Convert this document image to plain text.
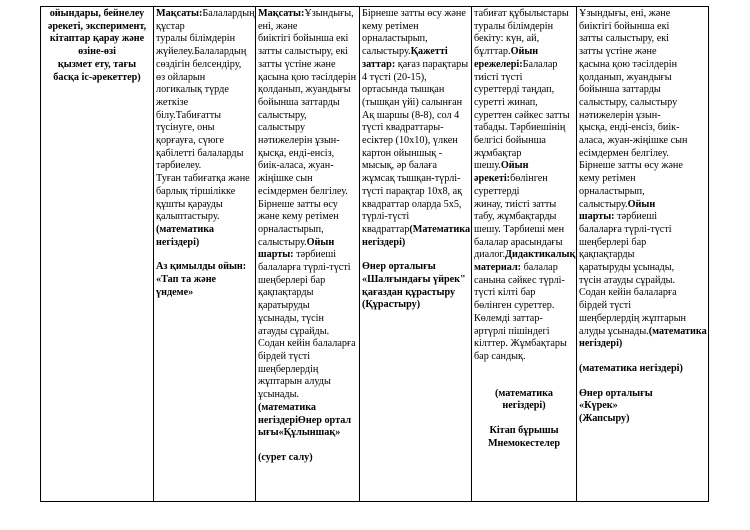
ойындары, бейнелеу
әрекеті, эксперимент,
кітаптар қарау және
өзіне-өзі
қызмет ету, тағы
басқа іс-әрекеттер)
Мақсаты:Балалардың құстар
туралы білімдерін
жүйелеу.Балалардың
сөздігін белсендіру,
өз ойларын
логикалық түрде
жеткізе
білу.Табиғатты
түсінуге, оны
қорғауға, сүюге
қабілетті балаларды
тәрбиелеу.
Туған табиғатқа және
барлық тіршілікке
құшты қарауды
қалыптастыру.(математика
негіздері)
Аз қимылды ойын:
«Тап та және
үндеме»
Мақсаты:Ұзындығы, ені, және
биіктігі бойынша екі
затты салыстыру, екі
затты үстіне және
қасына қою тәсілдерін
қолданып, жуандығы
бойынша заттарды
салыстыру,
салыстыру
нәтижелерін ұзын-
қысқа, енді-енсіз,
биік-аласа, жуан-
жіңішке сын
есімдермен белгілеу.
Бірнеше затты өсу
және кему ретімен
орналастырып,
салыстыру.Ойын
шарты: тәрбиеші
балаларға түрлі-түсті
шеңберлері бар
қақпақтарды
қаратыруды
ұсынады, түсін
атауды сұрайды.
Содан кейін балаларға
бірдей түсті
шеңберлердің
жұптарын алуды
ұсынады.(математика
негіздеріӨнер ортал
ығы«Құлыншақ»
(сурет салу)
Бірнеше затты өсу және
кему ретімен
орналастырып,
салыстыру.Қажетті
заттар: қағаз парақтары
4 түсті (20-15),
ортасында тышқан
(тышқан үйі) салынған
Ақ шаршы (8-8), сол 4
түсті квадраттары-
есіктер (10х10), үлкен
картон ойыншық -
мысық, әр балаға
жұмсақ тышқан-түрлі-
түсті парақтар 10х8, ақ
квадраттар оларда 5х5,
түрлі-түсті квадраттар(Математика
негіздері)
Өнер орталығы
«Шалғындағы үйрек"
қағаздан құрастыру
(Құрастыру)
табиғат құбылыстары
туралы білімдерін
бекіту: күн, ай,
бұлттар.Ойын ережелері:Балалар тиісті түсті
суреттерді таңдап,
суретті жинап,
суреттен сәйкес затты
табады. Тәрбиешінің
белгісі бойынша
жұмбақтар шешу.Ойын әрекеті:бөлінген суреттерді
жинау, тиісті затты
табу, жұмбақтарды
шешу. Тәрбиеші мен
балалар арасындағы
диалог.Дидактикалық
материал: балалар
санына сәйкес түрлі-
түсті кілті бар
бөлінген суреттер.
Көлемді заттар-
әртүрлі пішіндегі
кілттер. Жұмбақтары
бар сандық.
(математика
негіздері)
Кітап бұрышы
Мнемокестелер
Ұзындығы, ені, және
биіктігі бойынша екі
затты салыстыру, екі
затты үстіне және
қасына қою тәсілдерін
қолданып, жуандығы
бойынша заттарды
салыстыру, салыстыру
нәтижелерін ұзын-
қысқа, енді-енсіз, биік-
аласа, жуан-жіңішке сын
есімдермен белгілеу.
Бірнеше затты өсу және
кему ретімен
орналастырып,
салыстыру.Ойын
шарты: тәрбиеші
балаларға түрлі-түсті
шеңберлері бар
қақпақтарды
қаратыруды ұсынады,
түсін атауды сұрайды.
Содан кейін балаларға
бірдей түсті
шеңберлердің жұптарын
алуды ұсынады.(математика негіздері)
(математика негіздері)
Өнер орталығы
«Күрек»
(Жапсыру)
